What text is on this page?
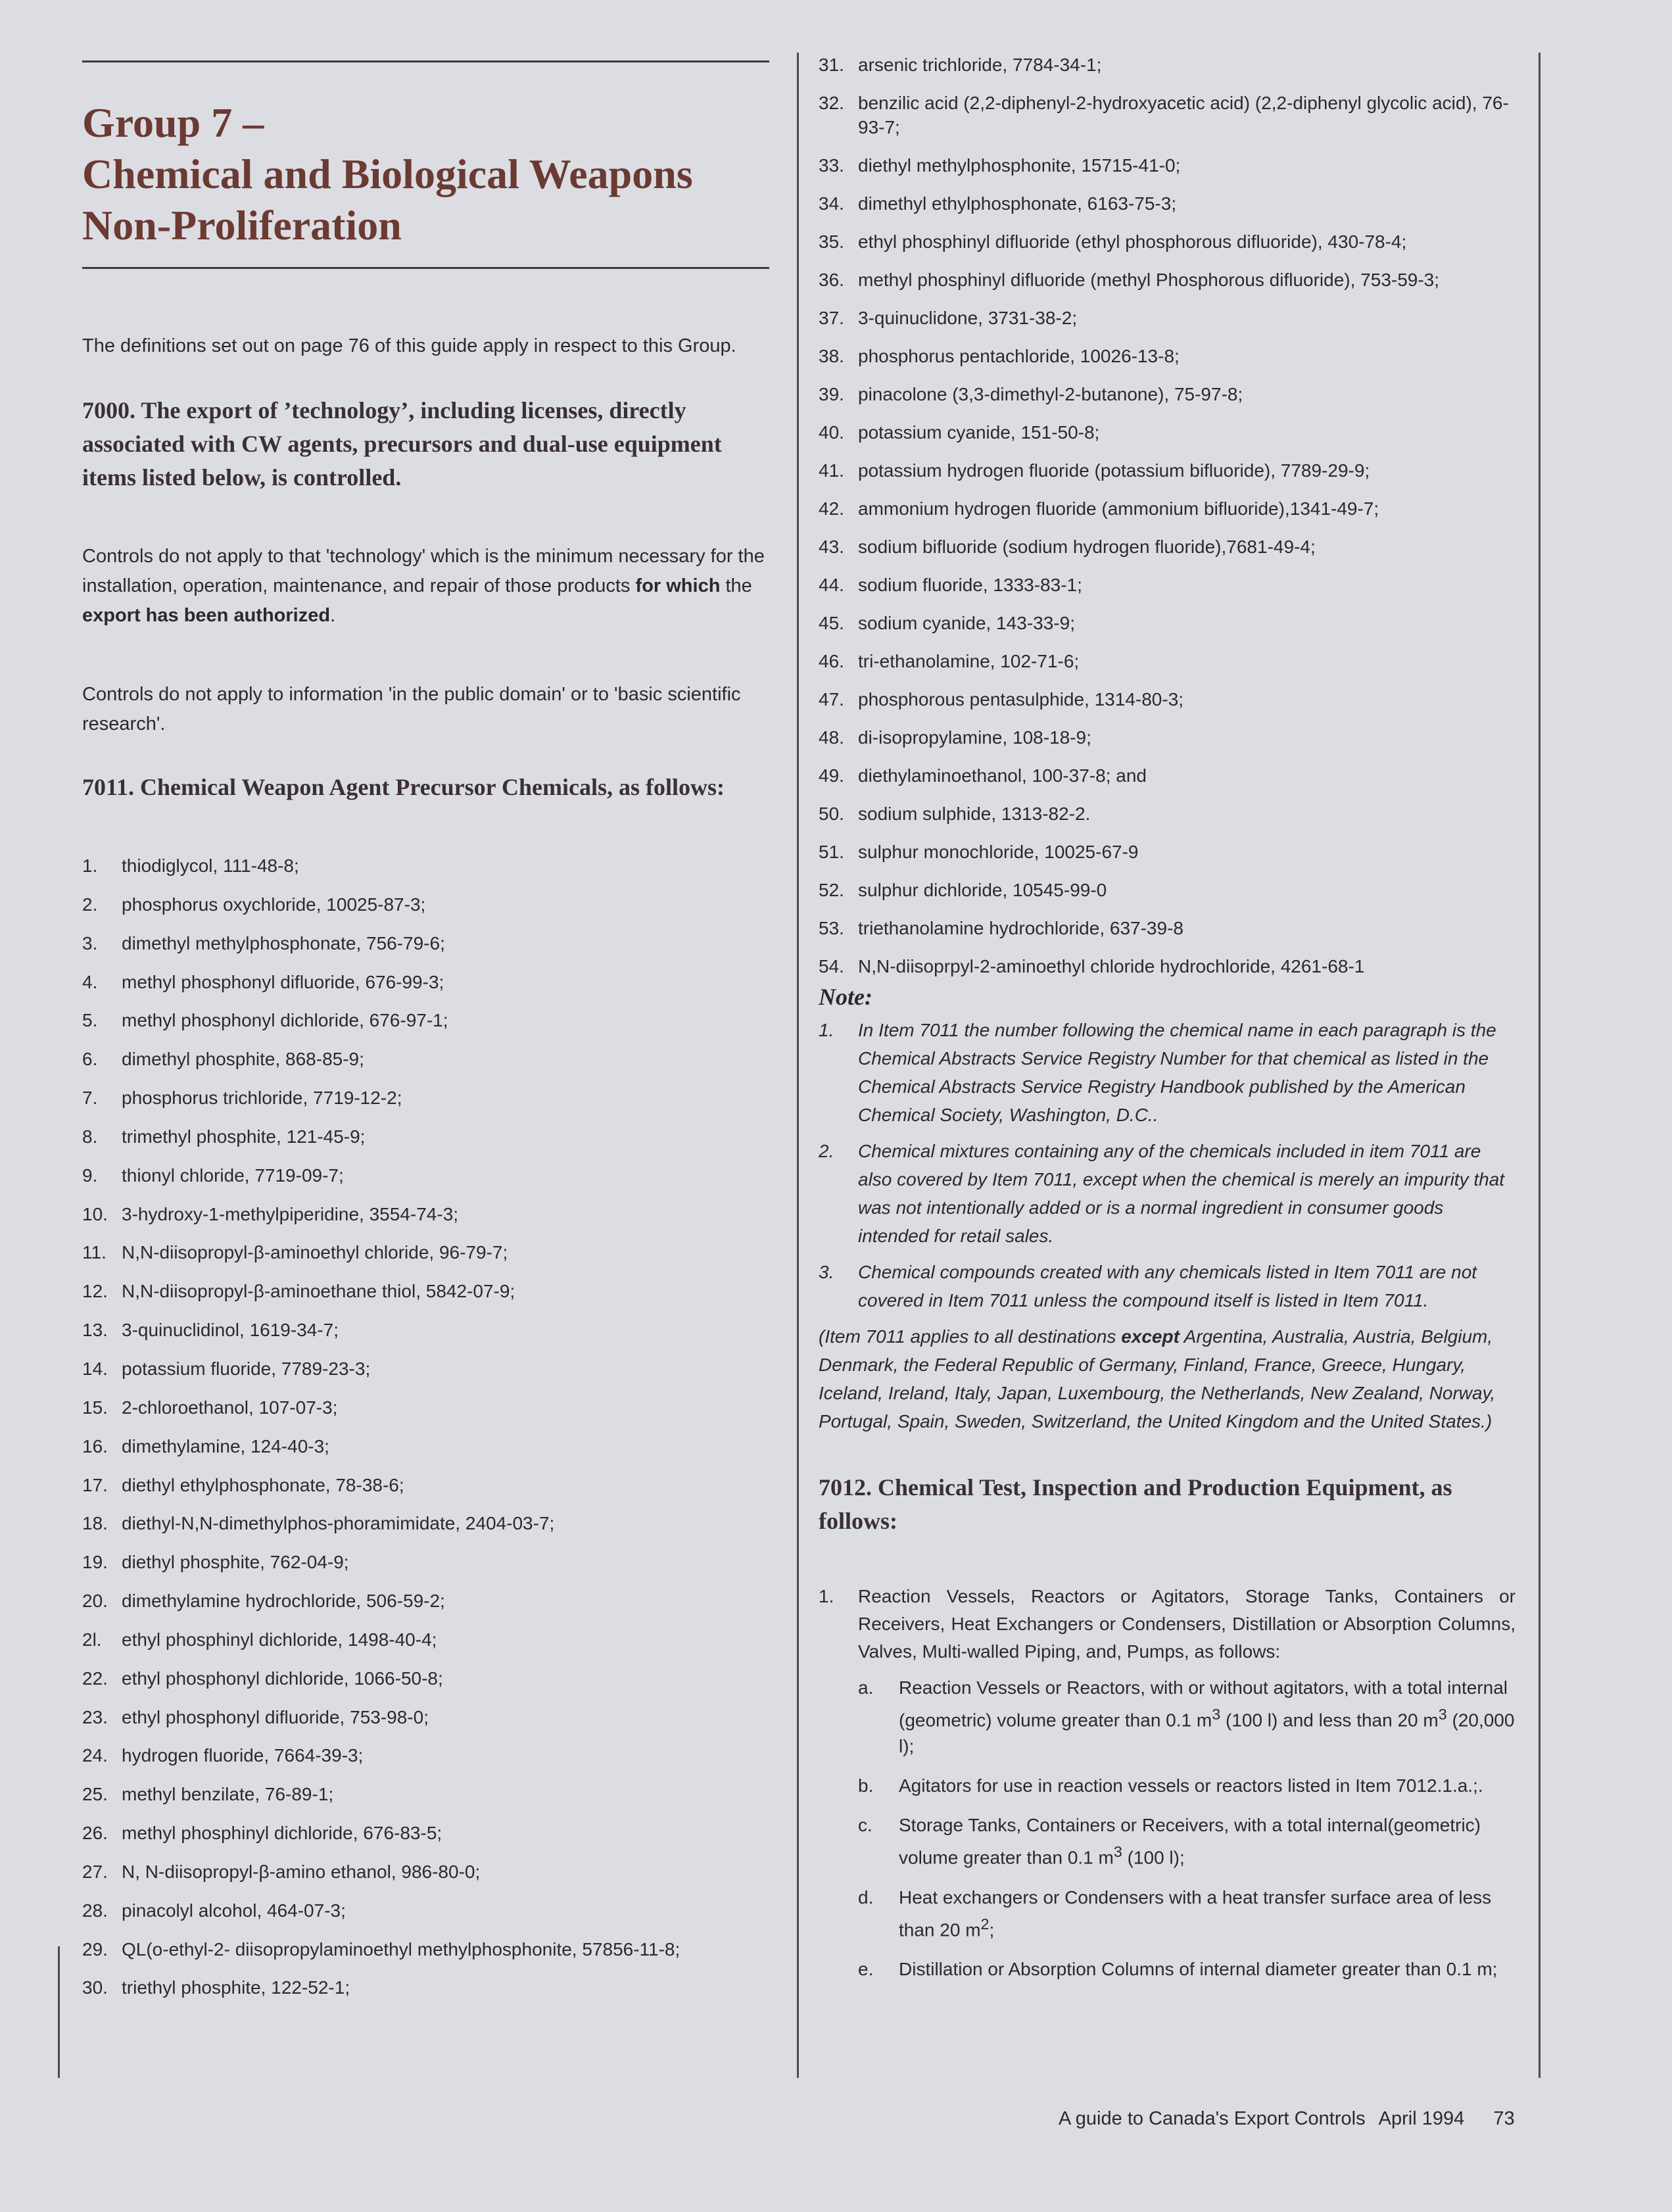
Group 7 –
Chemical and Biological Weapons
Non-Proliferation

The definitions set out on page 76 of this guide apply in respect to this Group.

7000. The export of ’technology’, including licenses, directly associated with CW agents, precursors and dual-use equipment items listed below, is controlled.

Controls do not apply to that 'technology' which is the minimum necessary for the installation, operation, maintenance, and repair of those products for which the export has been authorized.

Controls do not apply to information 'in the public domain' or to 'basic scientific research'.

7011. Chemical Weapon Agent Precursor Chemicals, as follows:

1.	thiodiglycol, 111-48-8;
2.	phosphorus oxychloride, 10025-87-3;
3.	dimethyl methylphosphonate, 756-79-6;
4.	methyl phosphonyl difluoride, 676-99-3;
5.	methyl phosphonyl dichloride, 676-97-1;
6.	dimethyl phosphite, 868-85-9;
7.	phosphorus trichloride, 7719-12-2;
8.	trimethyl phosphite, 121-45-9;
9.	thionyl chloride, 7719-09-7;
10. 3-hydroxy-1-methylpiperidine, 3554-74-3;
11. N,N-diisopropyl-β-aminoethyl chloride, 96-79-7;
12. N,N-diisopropyl-β-aminoethane thiol, 5842-07-9;
13. 3-quinuclidinol, 1619-34-7;
14. potassium fluoride, 7789-23-3;
15. 2-chloroethanol, 107-07-3;
16. dimethylamine, 124-40-3;
17. diethyl ethylphosphonate, 78-38-6;
18. diethyl-N,N-dimethylphos-phoramimidate, 2404-03-7;
19. diethyl phosphite, 762-04-9;
20. dimethylamine hydrochloride, 506-59-2;
2l.	ethyl phosphinyl dichloride, 1498-40-4;
22. ethyl phosphonyl dichloride, 1066-50-8;
23. ethyl phosphonyl difluoride, 753-98-0;
24. hydrogen fluoride, 7664-39-3;
25. methyl benzilate, 76-89-1;
26. methyl phosphinyl dichloride, 676-83-5;
27. N, N-diisopropyl-β-amino ethanol, 986-80-0;
28. pinacolyl alcohol, 464-07-3;
29. QL(o-ethyl-2- diisopropylaminoethyl methylphosphonite, 57856-11-8;
30. triethyl phosphite, 122-52-1;
31. arsenic trichloride, 7784-34-1;
32. benzilic acid (2,2-diphenyl-2-hydroxyacetic acid) (2,2-diphenyl glycolic acid), 76-93-7;
33. diethyl methylphosphonite, 15715-41-0;
34. dimethyl ethylphosphonate, 6163-75-3;
35. ethyl phosphinyl difluoride (ethyl phosphorous difluoride), 430-78-4;
36. methyl phosphinyl difluoride (methyl Phosphorous difluoride), 753-59-3;
37. 3-quinuclidone, 3731-38-2;
38. phosphorus pentachloride, 10026-13-8;
39. pinacolone (3,3-dimethyl-2-butanone), 75-97-8;
40. potassium cyanide, 151-50-8;
41. potassium hydrogen fluoride (potassium bifluoride), 7789-29-9;
42. ammonium hydrogen fluoride (ammonium bifluoride),1341-49-7;
43. sodium bifluoride (sodium hydrogen fluoride),7681-49-4;
44. sodium fluoride, 1333-83-1;
45. sodium cyanide, 143-33-9;
46. tri-ethanolamine, 102-71-6;
47. phosphorous pentasulphide, 1314-80-3;
48. di-isopropylamine, 108-18-9;
49. diethylaminoethanol, 100-37-8; and
50. sodium sulphide, 1313-82-2.
51. sulphur monochloride, 10025-67-9
52. sulphur dichloride, 10545-99-0
53. triethanolamine hydrochloride, 637-39-8
54. N,N-diisoprpyl-2-aminoethyl chloride hydrochloride, 4261-68-1

Note:

1.	In Item 7011 the number following the chemical name in each paragraph is the Chemical Abstracts Service Registry Number for that chemical as listed in the Chemical Abstracts Service Registry Handbook published by the American Chemical Society, Washington, D.C..
2.	Chemical mixtures containing any of the chemicals included in item 7011 are also covered by Item 7011, except when the chemical is merely an impurity that was not intentionally added or is a normal ingredient in consumer goods intended for retail sales.
3.	Chemical compounds created with any chemicals listed in Item 7011 are not covered in Item 7011 unless the compound itself is listed in Item 7011.

(Item 7011 applies to all destinations except Argentina, Australia, Austria, Belgium, Denmark, the Federal Republic of Germany, Finland, France, Greece, Hungary, Iceland, Ireland, Italy, Japan, Luxembourg, the Netherlands, New Zealand, Norway, Portugal, Spain, Sweden, Switzerland, the United Kingdom and the United States.)

7012. Chemical Test, Inspection and Production Equipment, as follows:

1.	Reaction Vessels, Reactors or Agitators, Storage Tanks, Containers or Receivers, Heat Exchangers or Condensers, Distillation or Absorption Columns, Valves, Multi-walled Piping, and, Pumps, as follows:
a.	Reaction Vessels or Reactors, with or without agitators, with a total internal (geometric) volume greater than 0.1 $m^3$ (100 l) and less than 20 $m^3$ (20,000 l);
b.	Agitators for use in reaction vessels or reactors listed in Item 7012.1.a.;.
c.	Storage Tanks, Containers or Receivers, with a total internal(geometric) volume greater than 0.1 $m^3$ (100 l);
d.	Heat exchangers or Condensers with a heat transfer surface area of less than 20 $m^2$;
e.	Distillation or Absorption Columns of internal diameter greater than 0.1 m;
A guide to Canada's Export Controls April 1994 73
